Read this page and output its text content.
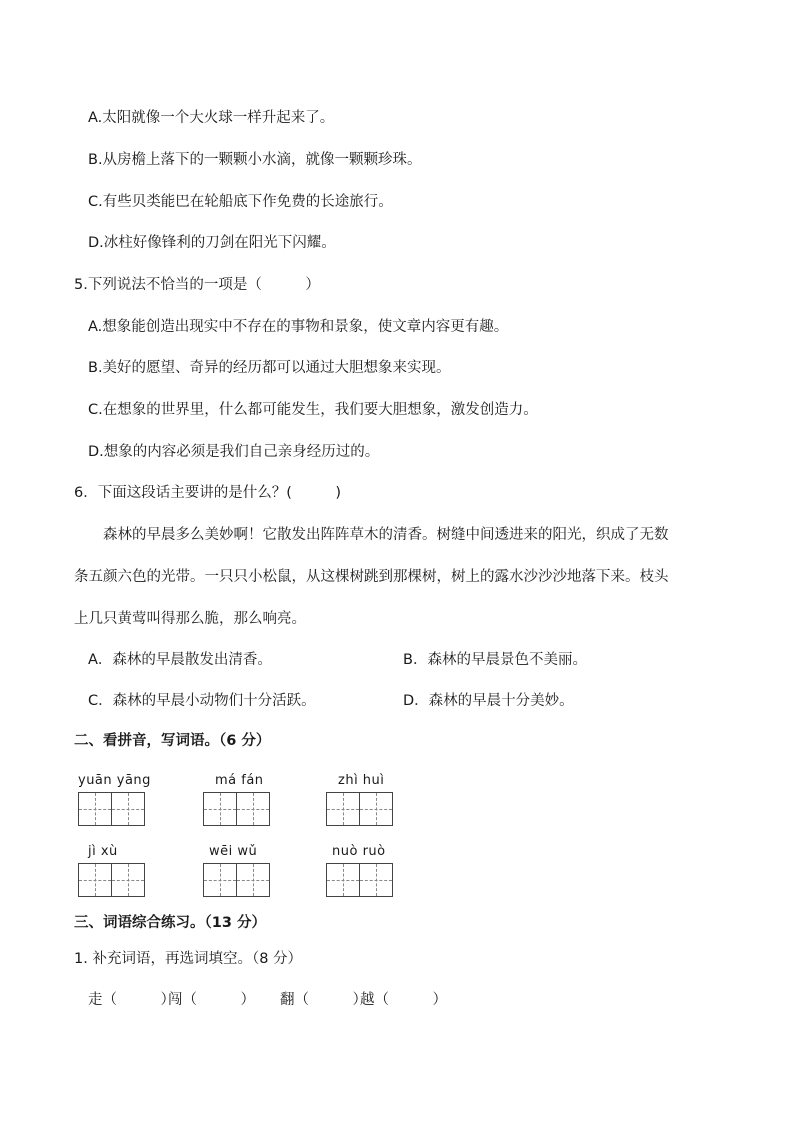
A.太阳就像一个大火球一样升起来了。
B.从房檐上落下的一颗颗小水滴，就像一颗颗珍珠。
C.有些贝类能巴在轮船底下作免费的长途旅行。
D.冰柱好像锋利的刀剑在阳光下闪耀。
5.下列说法不恰当的一项是（　　　）
A.想象能创造出现实中不存在的事物和景象，使文章内容更有趣。
B.美好的愿望、奇异的经历都可以通过大胆想象来实现。
C.在想象的世界里，什么都可能发生，我们要大胆想象，激发创造力。
D.想象的内容必须是我们自己亲身经历过的。
6．下面这段话主要讲的是什么？(　　　)
森林的早晨多么美妙啊！它散发出阵阵草木的清香。树缝中间透进来的阳光，织成了无数
条五颜六色的光带。一只只小松鼠，从这棵树跳到那棵树，树上的露水沙沙沙地落下来。枝头
上几只黄莺叫得那么脆，那么响亮。
A．森林的早晨散发出清香。	B．森林的早晨景色不美丽。
C．森林的早晨小动物们十分活跃。	D．森林的早晨十分美妙。
二、看拼音，写词语。（6 分）
yuān yāng	má fán	zhì huì
jì xù	wēi wǔ	nuò ruò
三、词语综合练习。（13 分）
1. 补充词语，再选词填空。（8 分）
走（　　　）
闯（　　　） 翻（　　　）
越（　　　）
